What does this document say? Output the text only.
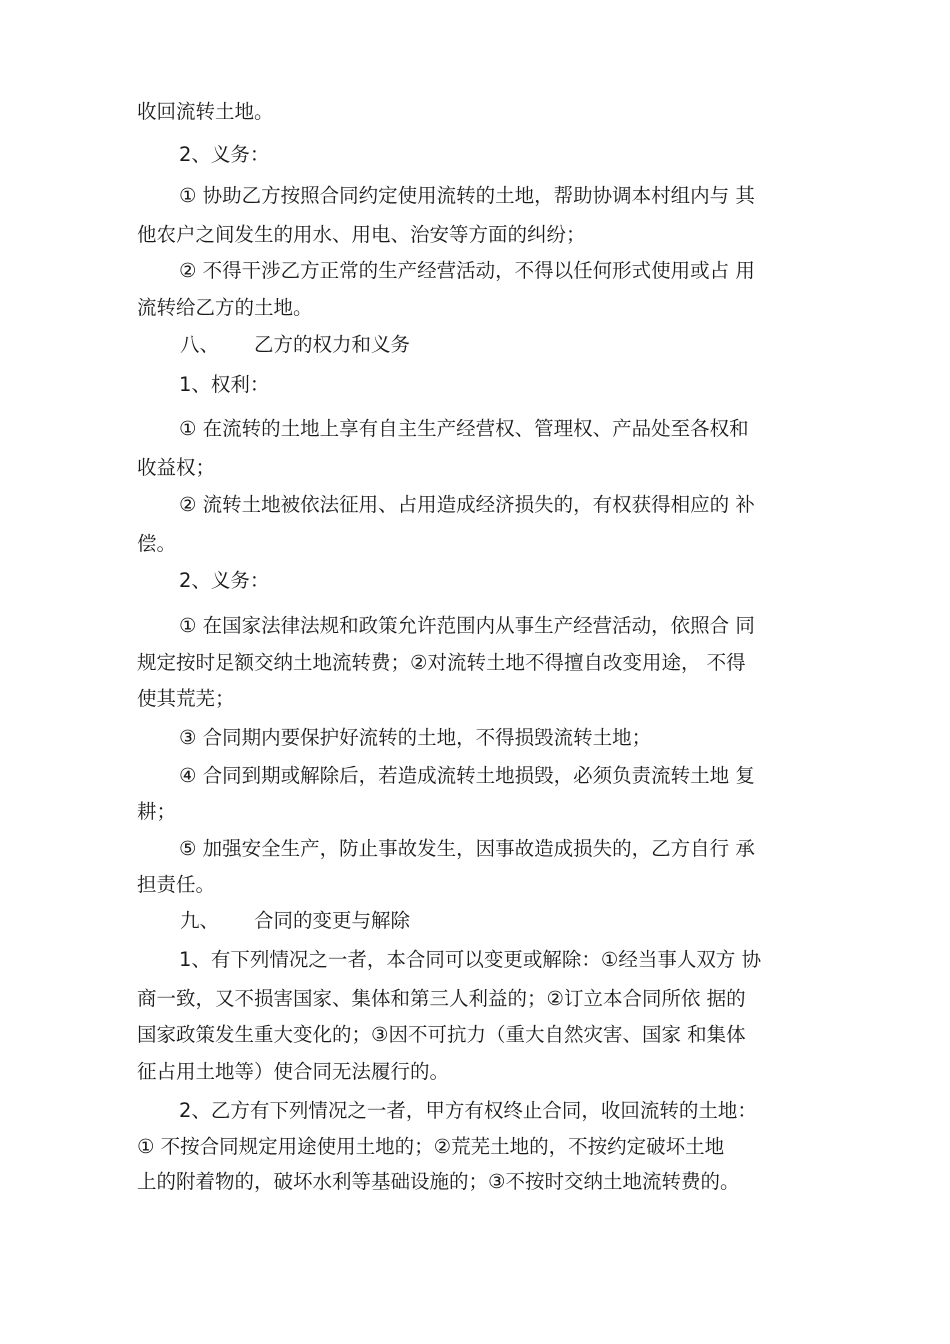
收回流转土地。

2、义务：

① 协助乙方按照合同约定使用流转的土地，帮助协调本村组内与 其

他农户之间发生的用水、用电、治安等方面的纠纷；

② 不得干涉乙方正常的生产经营活动，不得以任何形式使用或占 用

流转给乙方的土地。

八、 乙方的权力和义务

1、权利：

① 在流转的土地上享有自主生产经营权、管理权、产品处至各权和

收益权；

② 流转土地被依法征用、占用造成经济损失的，有权获得相应的 补

偿。

2、义务：

① 在国家法律法规和政策允许范围内从事生产经营活动，依照合 同

规定按时足额交纳土地流转费；②对流转土地不得擅自改变用途， 不得

使其荒芜；

③ 合同期内要保护好流转的土地，不得损毁流转土地；

④ 合同到期或解除后，若造成流转土地损毁，必须负责流转土地 复

耕；

⑤ 加强安全生产，防止事故发生，因事故造成损失的，乙方自行 承

担责任。

九、 合同的变更与解除

1、有下列情况之一者，本合同可以变更或解除：①经当事人双方 协

商一致，又不损害国家、集体和第三人利益的；②订立本合同所依 据的

国家政策发生重大变化的；③因不可抗力（重大自然灾害、国家 和集体

征占用土地等）使合同无法履行的。

2、乙方有下列情况之一者，甲方有权终止合同，收回流转的土地：

① 不按合同规定用途使用土地的；②荒芜土地的，不按约定破坏土地

上的附着物的，破坏水利等基础设施的；③不按时交纳土地流转费的。
